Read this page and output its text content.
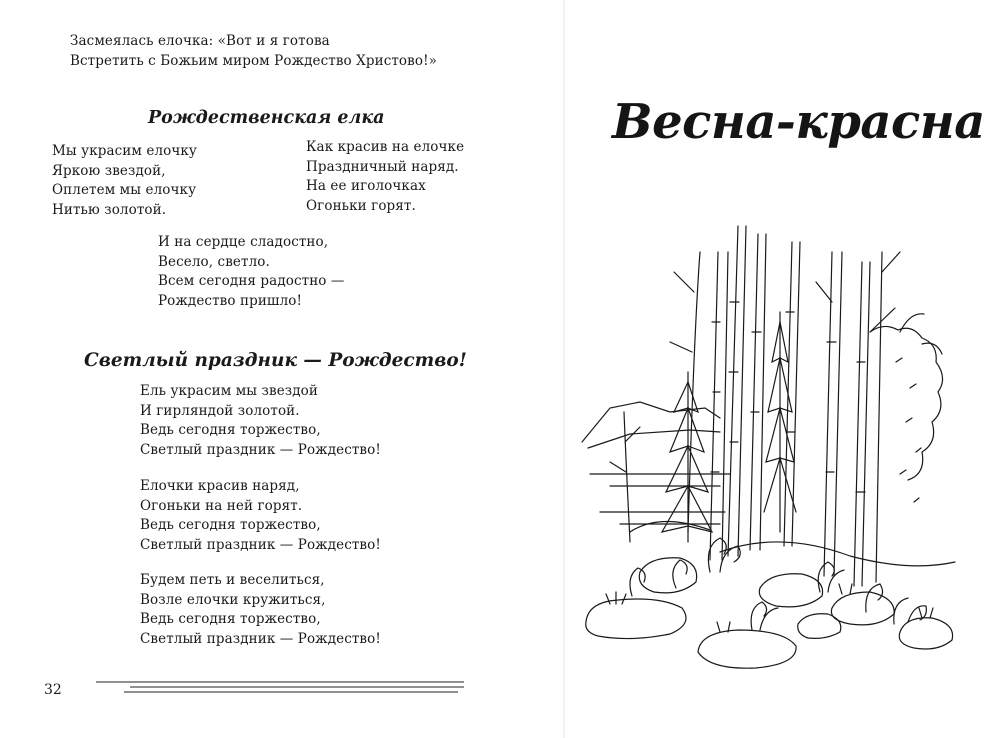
Засмеялась елочка: «Вот и я готова
Встретить с Божьим миром Рождество Христово!»
Рождественская елка
Мы украсим елочку
Яркою звездой,
Оплетем мы елочку
Нитью золотой.
Как красив на елочке
Праздничный наряд.
На ее иголочках
Огоньки горят.
И на сердце сладостно,
Весело, светло.
Всем сегодня радостно —
Рождество пришло!
Светлый праздник — Рождество!
Ель украсим мы звездой
И гирляндой золотой.
Ведь сегодня торжество,
Светлый праздник — Рождество!
Елочки красив наряд,
Огоньки на ней горят.
Ведь сегодня торжество,
Светлый праздник — Рождество!
Будем петь и веселиться,
Возле елочки кружиться,
Ведь сегодня торжество,
Светлый праздник — Рождество!
32
Весна-красна
